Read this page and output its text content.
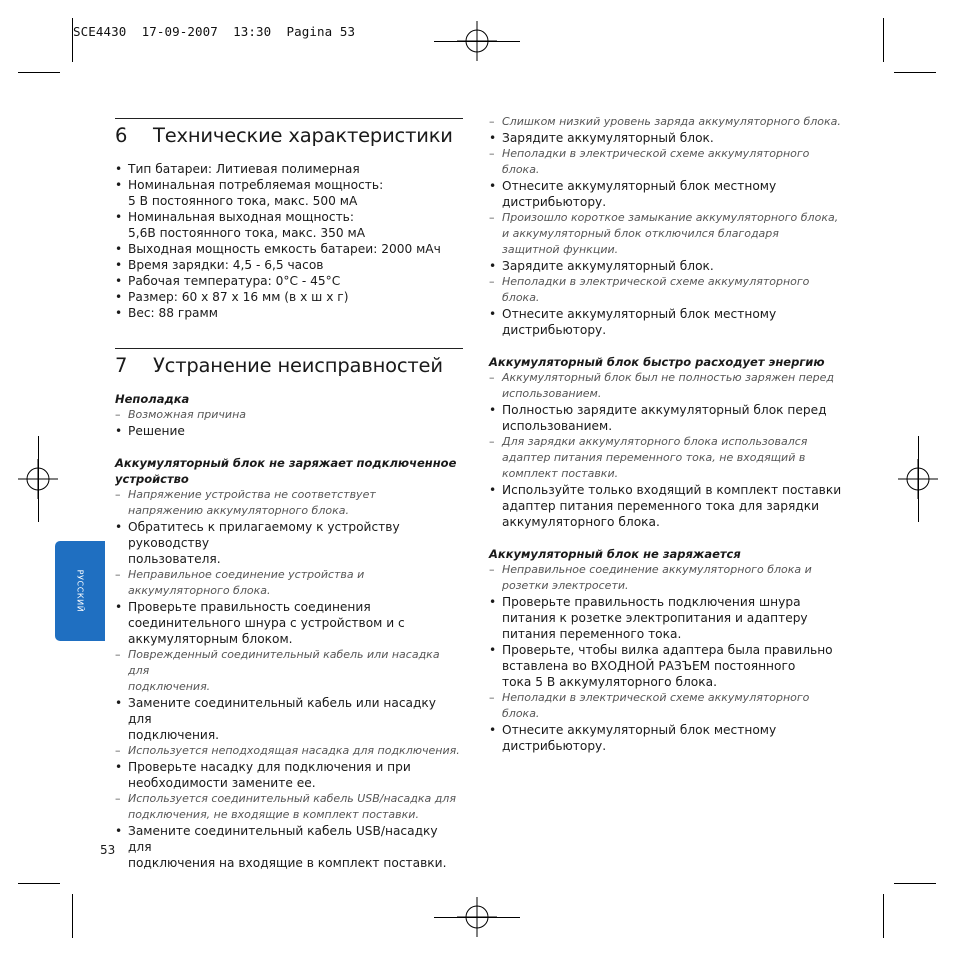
SCE4430  17-09-2007  13:30  Pagina 53
РУССКИЙ
6 Технические характеристики
• Тип батареи: Литиевая полимерная
• Номинальная потребляемая мощность:
5 В постоянного тока, макс. 500 мА
• Номинальная выходная мощность:
5,6В постоянного тока, макс. 350 мА
• Выходная мощность емкость батареи: 2000 мАч
• Время зарядки: 4,5 - 6,5 часов
• Рабочая температура: 0°C - 45°C
• Размер: 60 x 87 x 16 мм (в x ш x г)
• Вес: 88 грамм
7 Устранение неисправностей
Неполадка
– Возможная причина
• Решение
Аккумуляторный блок не заряжает подключенное
устройство
– Напряжение устройства не соответствует
напряжению аккумуляторного блока.
• Обратитесь к прилагаемому к устройству руководству
пользователя.
– Неправильное соединение устройства и
аккумуляторного блока.
• Проверьте правильность соединения
соединительного шнура с устройством и с
аккумуляторным блоком.
– Поврежденный соединительный кабель или насадка для
подключения.
• Замените соединительный кабель или насадку для
подключения.
– Используется неподходящая насадка для подключения.
• Проверьте насадку для подключения и при
необходимости замените ее.
– Используется соединительный кабель USB/насадка для
подключения, не входящие в комплект поставки.
• Замените соединительный кабель USB/насадку для
подключения на входящие в комплект поставки.
– Слишком низкий уровень заряда аккумуляторного блока.
• Зарядите аккумуляторный блок.
– Неполадки в электрической схеме аккумуляторного блока.
• Отнесите аккумуляторный блок местному
дистрибьютору.
– Произошло короткое замыкание аккумуляторного блока,
и аккумуляторный блок отключился благодаря
защитной функции.
• Зарядите аккумуляторный блок.
– Неполадки в электрической схеме аккумуляторного блока.
• Отнесите аккумуляторный блок местному
дистрибьютору.
Аккумуляторный блок быстро расходует энергию
– Аккумуляторный блок был не полностью заряжен перед
использованием.
• Полностью зарядите аккумуляторный блок перед
использованием.
– Для зарядки аккумуляторного блока использовался
адаптер питания переменного тока, не входящий в
комплект поставки.
• Используйте только входящий в комплект поставки
адаптер питания переменного тока для зарядки
аккумуляторного блока.
Аккумуляторный блок не заряжается
– Неправильное соединение аккумуляторного блока и
розетки электросети.
• Проверьте правильность подключения шнура
питания к розетке электропитания и адаптеру
питания переменного тока.
• Проверьте, чтобы вилка адаптера была правильно
вставлена во ВХОДНОЙ РАЗЪЕМ постоянного
тока 5 В аккумуляторного блока.
– Неполадки в электрической схеме аккумуляторного блока.
• Отнесите аккумуляторный блок местному
дистрибьютору.
53
